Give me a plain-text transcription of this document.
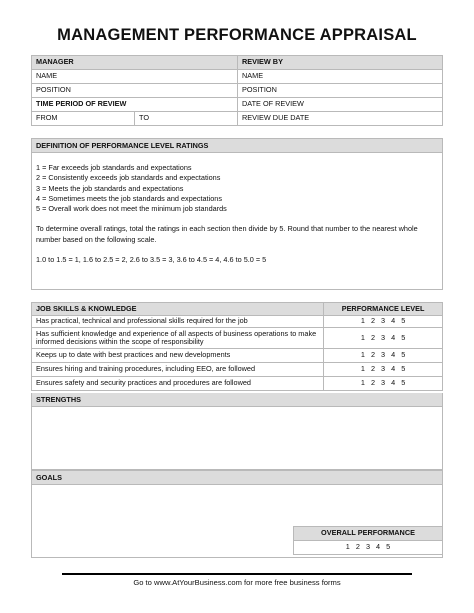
MANAGEMENT PERFORMANCE APPRAISAL
MANAGER		REVIEW BY
NAME		NAME
POSITION		POSITION
TIME PERIOD OF REVIEW		DATE OF REVIEW
FROM	TO	REVIEW DUE DATE
DEFINITION OF PERFORMANCE LEVEL RATINGS
1 = Far exceeds job standards and expectations
2 = Consistently exceeds job standards and expectations
3 = Meets the job standards and expectations
4 = Sometimes meets the job standards and expectations
5 = Overall work does not meet the minimum job standards
To determine overall ratings, total the ratings in each section then divide by 5. Round that number to the nearest whole number based on the following scale.
1.0 to 1.5 = 1, 1.6 to 2.5 = 2, 2.6 to 3.5 = 3, 3.6 to 4.5 = 4, 4.6 to 5.0 = 5
JOB SKILLS & KNOWLEDGE	PERFORMANCE LEVEL
Has practical, technical and professional skills required for the job	1 2 3 4 5
Has sufficient knowledge and experience of all aspects of business operations to make informed decisions within the scope of responsibility	1 2 3 4 5
Keeps up to date with best practices and new developments	1 2 3 4 5
Ensures hiring and training procedures, including EEO, are followed	1 2 3 4 5
Ensures safety and security practices and procedures are followed	1 2 3 4 5
STRENGTHS
GOALS
OVERALL PERFORMANCE
1 2 3 4 5
Go to www.AtYourBusiness.com for more free business forms
